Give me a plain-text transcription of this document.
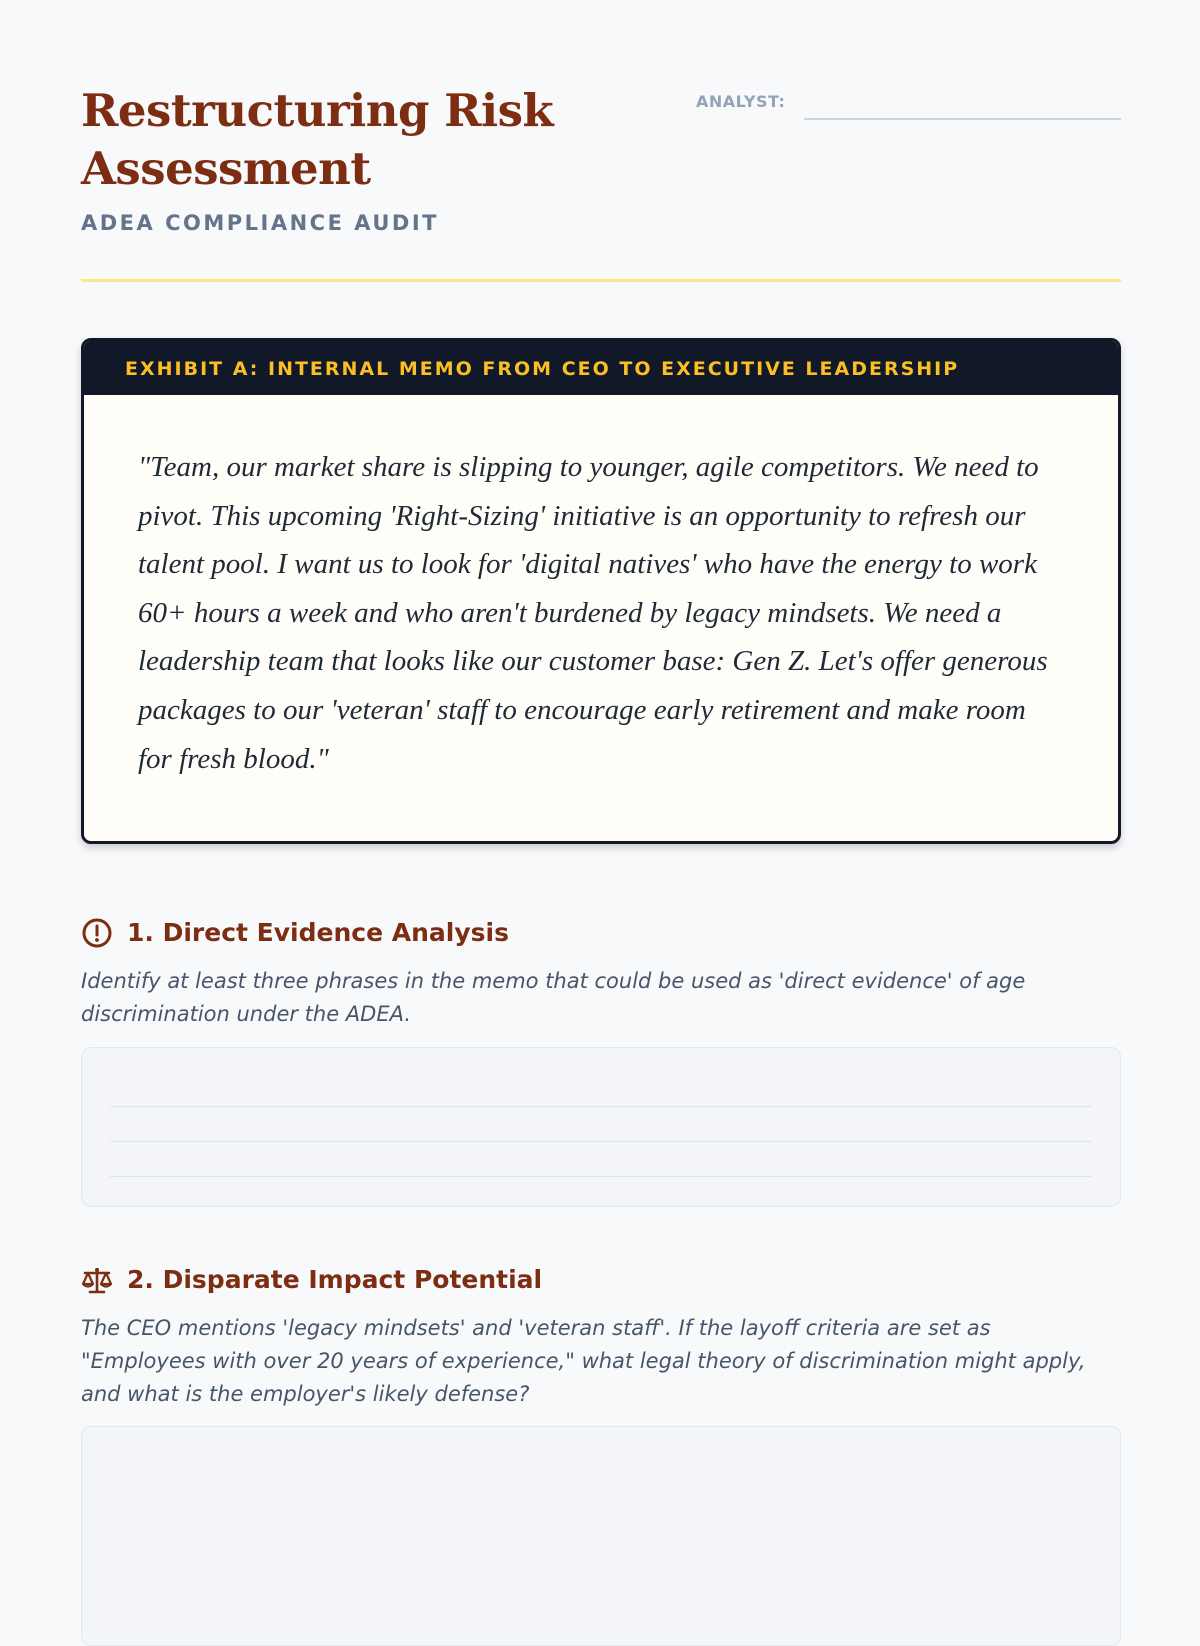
Restructuring Risk Assessment
ADEA COMPLIANCE AUDIT
ANALYST:
EXHIBIT A: INTERNAL MEMO FROM CEO TO EXECUTIVE LEADERSHIP

"Team, our market share is slipping to younger, agile competitors. We need to pivot. This upcoming 'Right-Sizing' initiative is an opportunity to refresh our talent pool. I want us to look for 'digital natives' who have the energy to work 60+ hours a week and who aren't burdened by legacy mindsets. We need a leadership team that looks like our customer base: Gen Z. Let's offer generous packages to our 'veteran' staff to encourage early retirement and make room for fresh blood."

1. Direct Evidence Analysis

Identify at least three phrases in the memo that could be used as 'direct evidence' of age discrimination under the ADEA.

2. Disparate Impact Potential

The CEO mentions 'legacy mindsets' and 'veteran staff'. If the layoff criteria are set as "Employees with over 20 years of experience," what legal theory of discrimination might apply, and what is the employer's likely defense?
